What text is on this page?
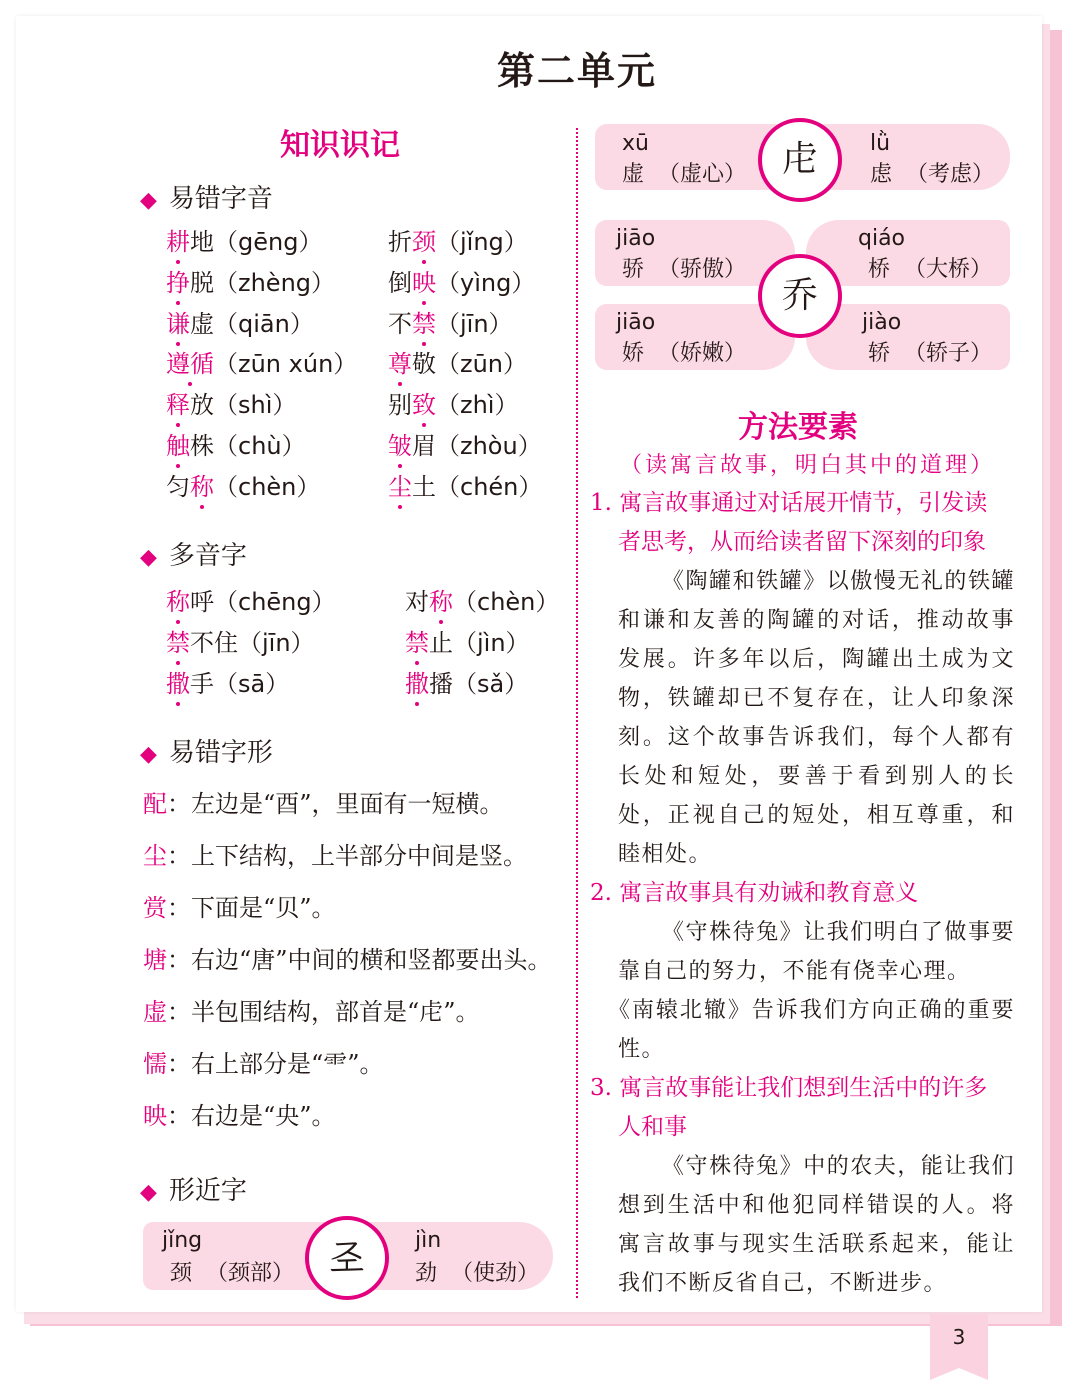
第二单元
知识识记
◆ 易错字音
耕地（gēng）
挣脱（zhèng）
谦虚（qiān）
遵循（zūn xún）
释放（shì）
触株（chù）
匀称（chèn）
折颈（jǐng）
倒映（yìng）
不禁（jīn）
尊敬（zūn）
别致（zhì）
皱眉（zhòu）
尘土（chén）
◆ 多音字
称呼（chēng）
禁不住（jīn）
撒手（sā）
对称（chèn）
禁止（jìn）
撒播（sǎ）
◆ 易错字形
配：左边是“酉”，里面有一短横。
尘：上下结构，上半部分中间是竖。
赏：下面是“贝”。
塘：右边“唐”中间的横和竖都要出头。
虚：半包围结构，部首是“虍”。
懦：右上部分是“⻗”。
映：右边是“央”。
◆ 形近字
jǐng
颈 （颈部） 𢀖	jìn
劲 （使劲）
xū
虚 （虚心） 虍	lǜ
虑 （考虑）
乔
jiāo
骄 （骄傲）
qiáo
桥 （大桥）
jiāo
娇 （娇嫩）
jiào
轿 （轿子）
方法要素
（读寓言故事，明白其中的道理）
1. 寓言故事通过对话展开情节，引发读
者思考，从而给读者留下深刻的印象
《陶罐和铁罐》以傲慢无礼的铁罐和谦和友善的陶罐的对话，推动故事发展。许多年以后，陶罐出土成为文物，铁罐却已不复存在，让人印象深刻。这个故事告诉我们，每个人都有长处和短处，要善于看到别人的长处，正视自己的短处，相互尊重，和睦相处。
2. 寓言故事具有劝诫和教育意义
《守株待兔》让我们明白了做事要靠自己的努力，不能有侥幸心理。
《南辕北辙》告诉我们方向正确的重要性。
3. 寓言故事能让我们想到生活中的许多
人和事
《守株待兔》中的农夫，能让我们想到生活中和他犯同样错误的人。将寓言故事与现实生活联系起来，能让我们不断反省自己，不断进步。
3
